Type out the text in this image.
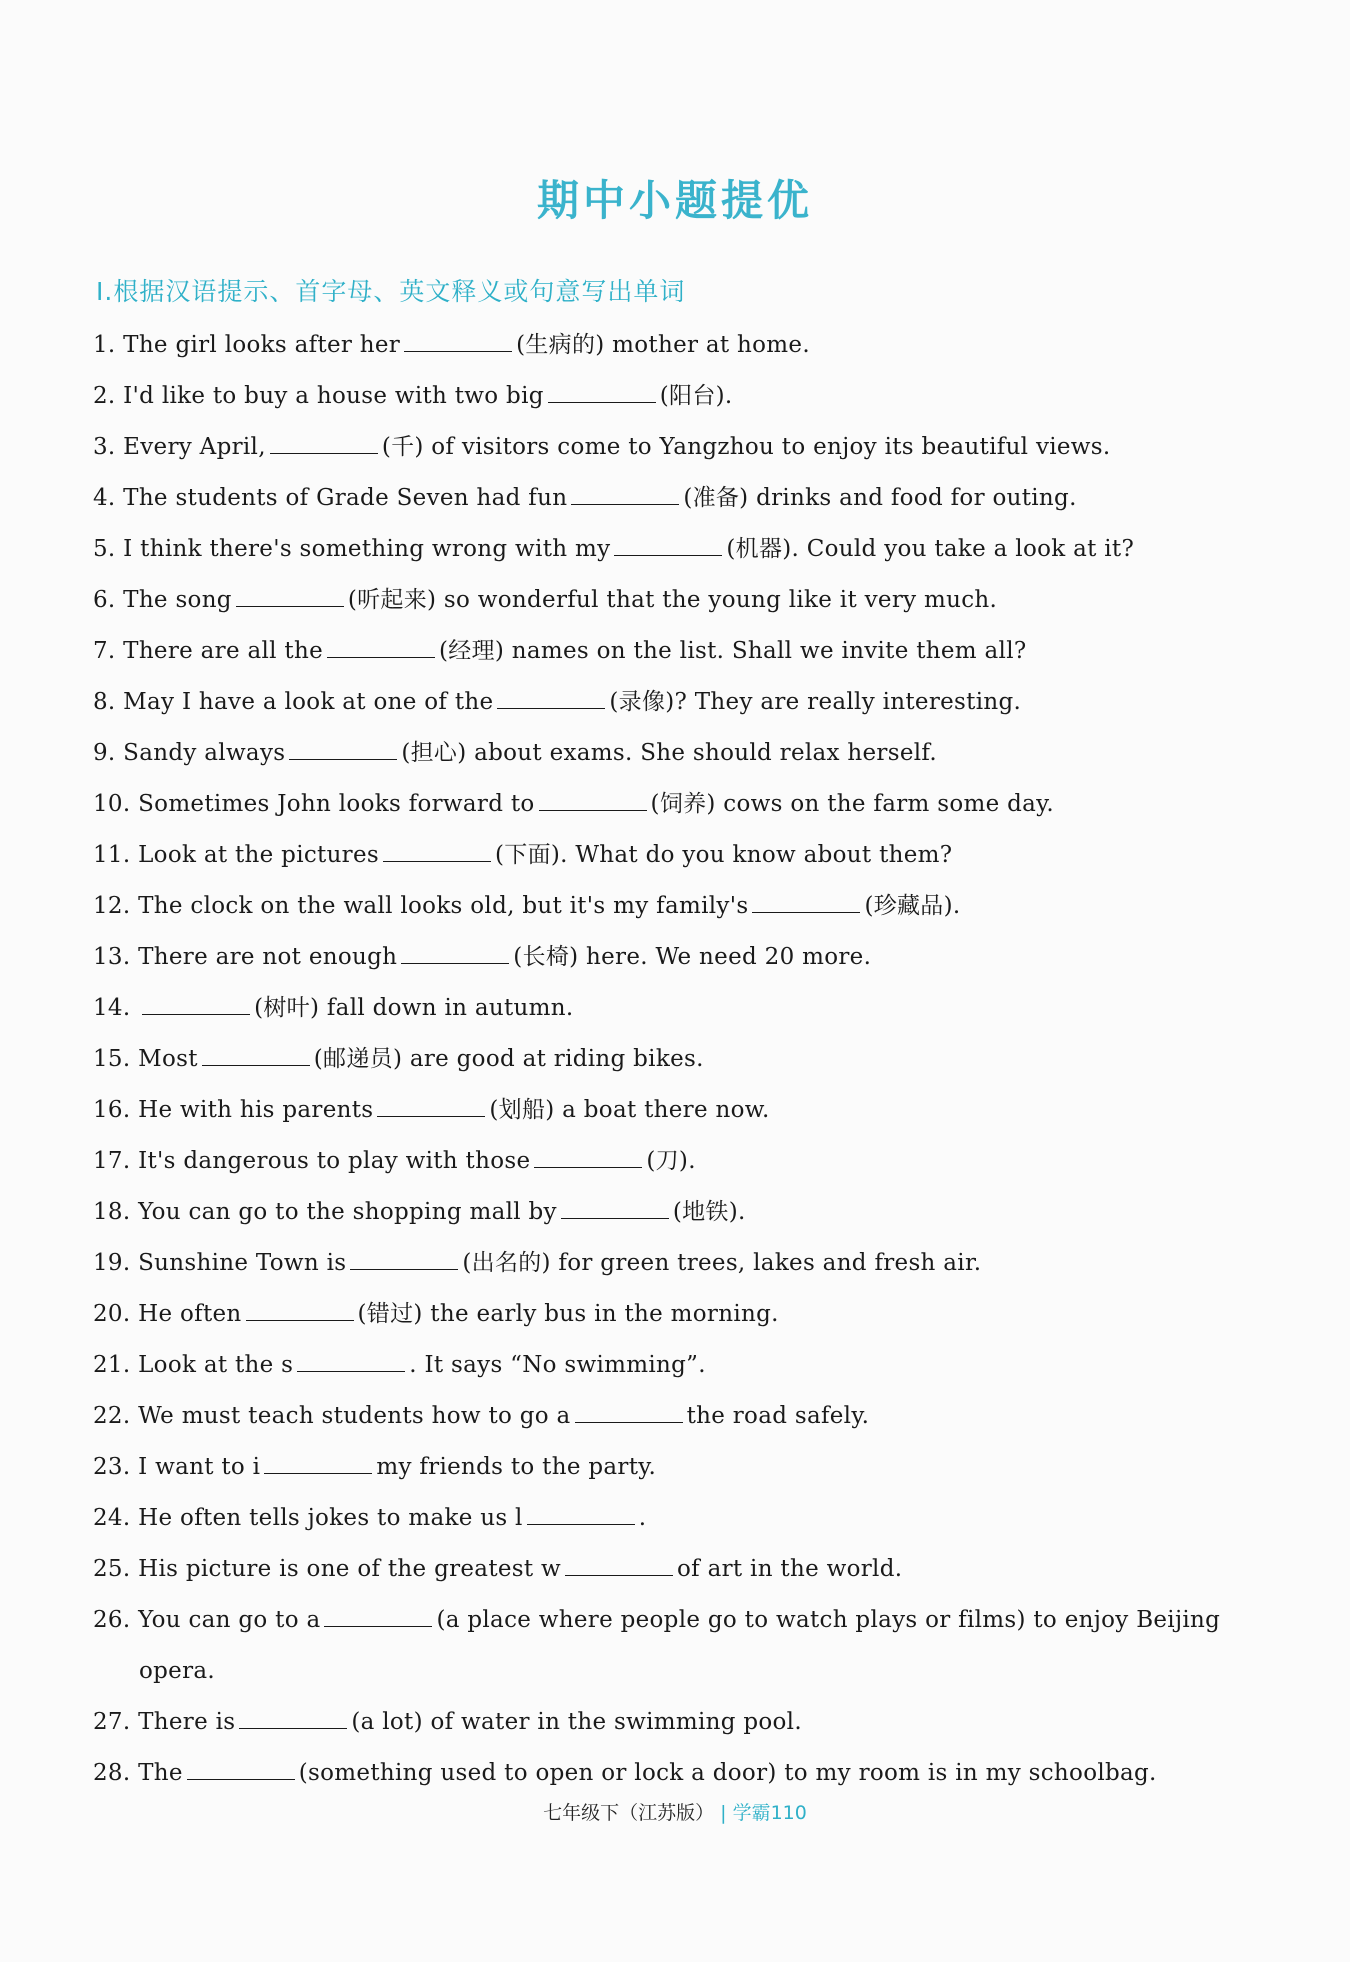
期中小题提优
Ⅰ.根据汉语提示、首字母、英文释义或句意写出单词
1. The girl looks after her	(生病的) mother at home.
2. I'd like to buy a house with two big	(阳台).
3. Every April,	(千) of visitors come to Yangzhou to enjoy its beautiful views.
4. The students of Grade Seven had fun	(准备) drinks and food for outing.
5. I think there's something wrong with my	(机器). Could you take a look at it?
6. The song	(听起来) so wonderful that the young like it very much.
7. There are all the	(经理) names on the list. Shall we invite them all?
8. May I have a look at one of the	(录像)? They are really interesting.
9. Sandy always	(担心) about exams. She should relax herself.
10. Sometimes John looks forward to	(饲养) cows on the farm some day.
11. Look at the pictures	(下面). What do you know about them?
12. The clock on the wall looks old, but it's my family's	(珍藏品).
13. There are not enough	(长椅) here. We need 20 more.
14.	(树叶) fall down in autumn.
15. Most	(邮递员) are good at riding bikes.
16. He with his parents	(划船) a boat there now.
17. It's dangerous to play with those	(刀).
18. You can go to the shopping mall by	(地铁).
19. Sunshine Town is	(出名的) for green trees, lakes and fresh air.
20. He often	(错过) the early bus in the morning.
21. Look at the s	. It says “No swimming”.
22. We must teach students how to go a	the road safely.
23. I want to i	my friends to the party.
24. He often tells jokes to make us l	.
25. His picture is one of the greatest w	of art in the world.
26. You can go to a	(a place where people go to watch plays or films) to enjoy Beijing
opera.
27. There is	(a lot) of water in the swimming pool.
28. The	(something used to open or lock a door) to my room is in my schoolbag.
七年级下（江苏版） | 学霸110
